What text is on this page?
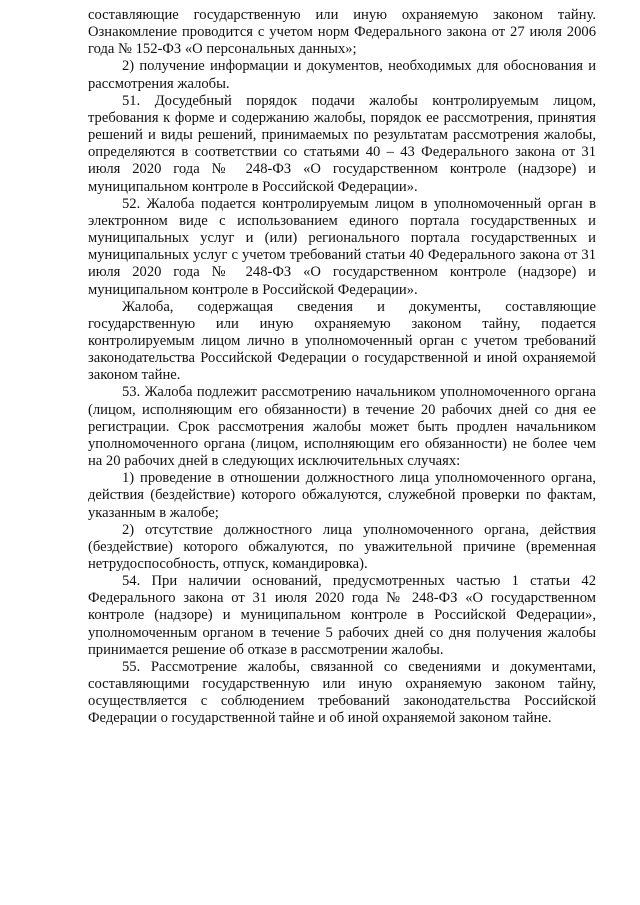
составляющие государственную или иную охраняемую законом тайну. Ознакомление проводится с учетом норм Федерального закона от 27 июля 2006 года № 152-ФЗ «О персональных данных»;

2) получение информации и документов, необходимых для обоснования и рассмотрения жалобы.

51. Досудебный порядок подачи жалобы контролируемым лицом, требования к форме и содержанию жалобы, порядок ее рассмотрения, принятия решений и виды решений, принимаемых по результатам рассмотрения жалобы, определяются в соответствии со статьями 40 – 43 Федерального закона от 31 июля 2020 года № 248-ФЗ «О государственном контроле (надзоре) и муниципальном контроле в Российской Федерации».

52. Жалоба подается контролируемым лицом в уполномоченный орган в электронном виде с использованием единого портала государственных и муниципальных услуг и (или) регионального портала государственных и муниципальных услуг с учетом требований статьи 40 Федерального закона от 31 июля 2020 года № 248-ФЗ «О государственном контроле (надзоре) и муниципальном контроле в Российской Федерации».

Жалоба, содержащая сведения и документы, составляющие государственную или иную охраняемую законом тайну, подается контролируемым лицом лично в уполномоченный орган с учетом требований законодательства Российской Федерации о государственной и иной охраняемой законом тайне.

53. Жалоба подлежит рассмотрению начальником уполномоченного органа (лицом, исполняющим его обязанности) в течение 20 рабочих дней со дня ее регистрации. Срок рассмотрения жалобы может быть продлен начальником уполномоченного органа (лицом, исполняющим его обязанности) не более чем на 20 рабочих дней в следующих исключительных случаях:

1) проведение в отношении должностного лица уполномоченного органа, действия (бездействие) которого обжалуются, служебной проверки по фактам, указанным в жалобе;

2) отсутствие должностного лица уполномоченного органа, действия (бездействие) которого обжалуются, по уважительной причине (временная нетрудоспособность, отпуск, командировка).

54. При наличии оснований, предусмотренных частью 1 статьи 42 Федерального закона от 31 июля 2020 года № 248-ФЗ «О государственном контроле (надзоре) и муниципальном контроле в Российской Федерации», уполномоченным органом в течение 5 рабочих дней со дня получения жалобы принимается решение об отказе в рассмотрении жалобы.

55. Рассмотрение жалобы, связанной со сведениями и документами, составляющими государственную или иную охраняемую законом тайну, осуществляется с соблюдением требований законодательства Российской Федерации о государственной тайне и об иной охраняемой законом тайне.
